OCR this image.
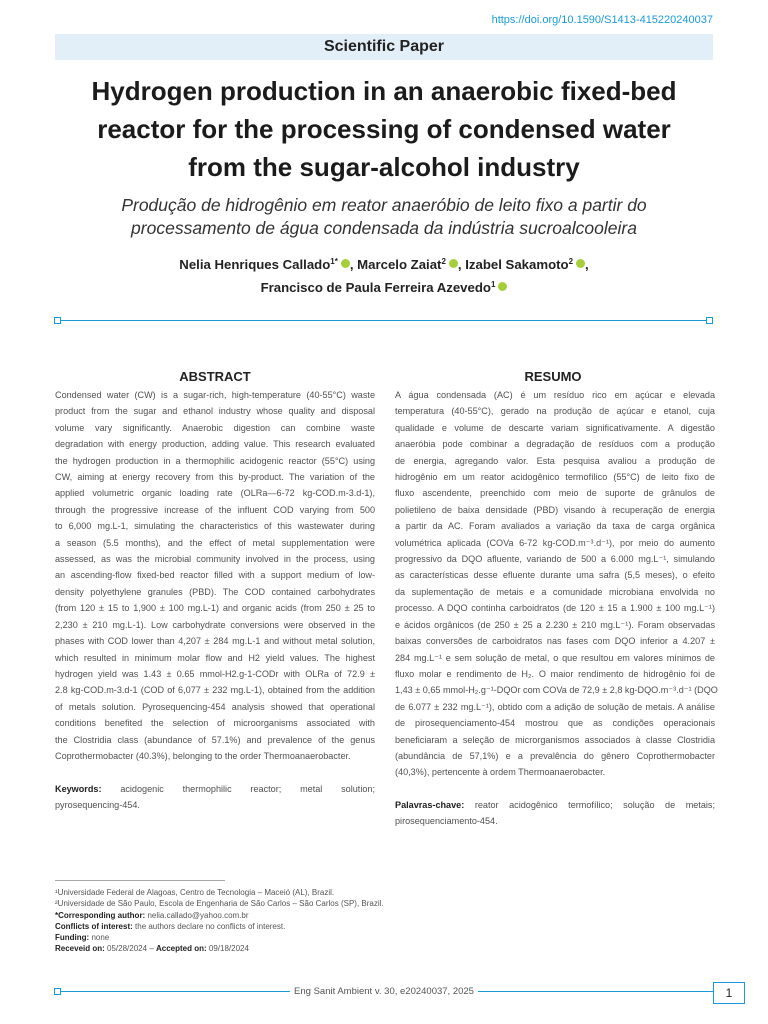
https://doi.org/10.1590/S1413-415220240037
Scientific Paper
Hydrogen production in an anaerobic fixed-bed
reactor for the processing of condensed water
from the sugar-alcohol industry
Produção de hidrogênio em reator anaeróbio de leito fixo a partir do
processamento de água condensada da indústria sucroalcooleira
Nelia Henriques Callado$^{1*}$ , Marcelo Zaiat$^2$ , Izabel Sakamoto$^2$ ,
Francisco de Paula Ferreira Azevedo$^1$
ABSTRACT
Condensed water (CW) is a sugar-rich, high-temperature (40-55°C) waste
product from the sugar and ethanol industry whose quality and disposal
volume vary significantly. Anaerobic digestion can combine waste
degradation with energy production, adding value. This research evaluated
the hydrogen production in a thermophilic acidogenic reactor (55°C) using
CW, aiming at energy recovery from this by-product. The variation of the
applied volumetric organic loading rate (OLRa—6-72 kg-COD.m-3.d-1),
through the progressive increase of the influent COD varying from 500
to 6,000 mg.L-1, simulating the characteristics of this wastewater during
a season (5.5 months), and the effect of metal supplementation were
assessed, as was the microbial community involved in the process, using
an ascending-flow fixed-bed reactor filled with a support medium of low-
density polyethylene granules (PBD). The COD contained carbohydrates
(from 120 ± 15 to 1,900 ± 100 mg.L-1) and organic acids (from 250 ± 25 to
2,230 ± 210 mg.L-1). Low carbohydrate conversions were observed in the
phases with COD lower than 4,207 ± 284 mg.L-1 and without metal solution,
which resulted in minimum molar flow and H2 yield values. The highest
hydrogen yield was 1.43 ± 0.65 mmol-H2.g-1-CODr with OLRa of 72.9 ±
2.8 kg-COD.m-3.d-1 (COD of 6,077 ± 232 mg.L-1), obtained from the addition
of metals solution. Pyrosequencing-454 analysis showed that operational
conditions benefited the selection of microorganisms associated with
the Clostridia class (abundance of 57.1%) and prevalence of the genus
Coprothermobacter (40.3%), belonging to the order Thermoanaerobacter.
Keywords: acidogenic thermophilic reactor; metal solution;
pyrosequencing-454.
RESUMO
A água condensada (AC) é um resíduo rico em açúcar e elevada
temperatura (40-55°C), gerado na produção de açúcar e etanol, cuja
qualidade e volume de descarte variam significativamente. A digestão
anaeróbia pode combinar a degradação de resíduos com a produção
de energia, agregando valor. Esta pesquisa avaliou a produção de
hidrogênio em um reator acidogênico termofílico (55°C) de leito fixo de
fluxo ascendente, preenchido com meio de suporte de grânulos de
polietileno de baixa densidade (PBD) visando à recuperação de energia
a partir da AC. Foram avaliados a variação da taxa de carga orgânica
volumétrica aplicada (COVa 6-72 kg-COD.m⁻³.d⁻¹), por meio do aumento
progressivo da DQO afluente, variando de 500 a 6.000 mg.L⁻¹, simulando
as características desse efluente durante uma safra (5,5 meses), o efeito
da suplementação de metais e a comunidade microbiana envolvida no
processo. A DQO continha carboidratos (de 120 ± 15 a 1.900 ± 100 mg.L⁻¹)
e ácidos orgânicos (de 250 ± 25 a 2.230 ± 210 mg.L⁻¹). Foram observadas
baixas conversões de carboidratos nas fases com DQO inferior a 4.207 ±
284 mg.L⁻¹ e sem solução de metal, o que resultou em valores mínimos de
fluxo molar e rendimento de H₂. O maior rendimento de hidrogênio foi de
1,43 ± 0,65 mmol-H₂.g⁻¹-DQOr com COVa de 72,9 ± 2,8 kg-DQO.m⁻³.d⁻¹ (DQO
de 6.077 ± 232 mg.L⁻¹), obtido com a adição de solução de metais. A análise
de pirosequenciamento-454 mostrou que as condições operacionais
beneficiaram a seleção de microrganismos associados à classe Clostridia
(abundância de 57,1%) e a prevalência do gênero Coprothermobacter
(40,3%), pertencente à ordem Thermoanaerobacter.
Palavras-chave: reator acidogênico termofílico; solução de metais;
pirosequenciamento-454.
¹Universidade Federal de Alagoas, Centro de Tecnologia – Maceió (AL), Brazil.
²Universidade de São Paulo, Escola de Engenharia de São Carlos – São Carlos (SP), Brazil.
*Corresponding author: nelia.callado@yahoo.com.br
Conflicts of interest: the authors declare no conflicts of interest.
Funding: none
Receveid on: 05/28/2024 – Accepted on: 09/18/2024
Eng Sanit Ambient v. 30, e20240037, 2025	1
